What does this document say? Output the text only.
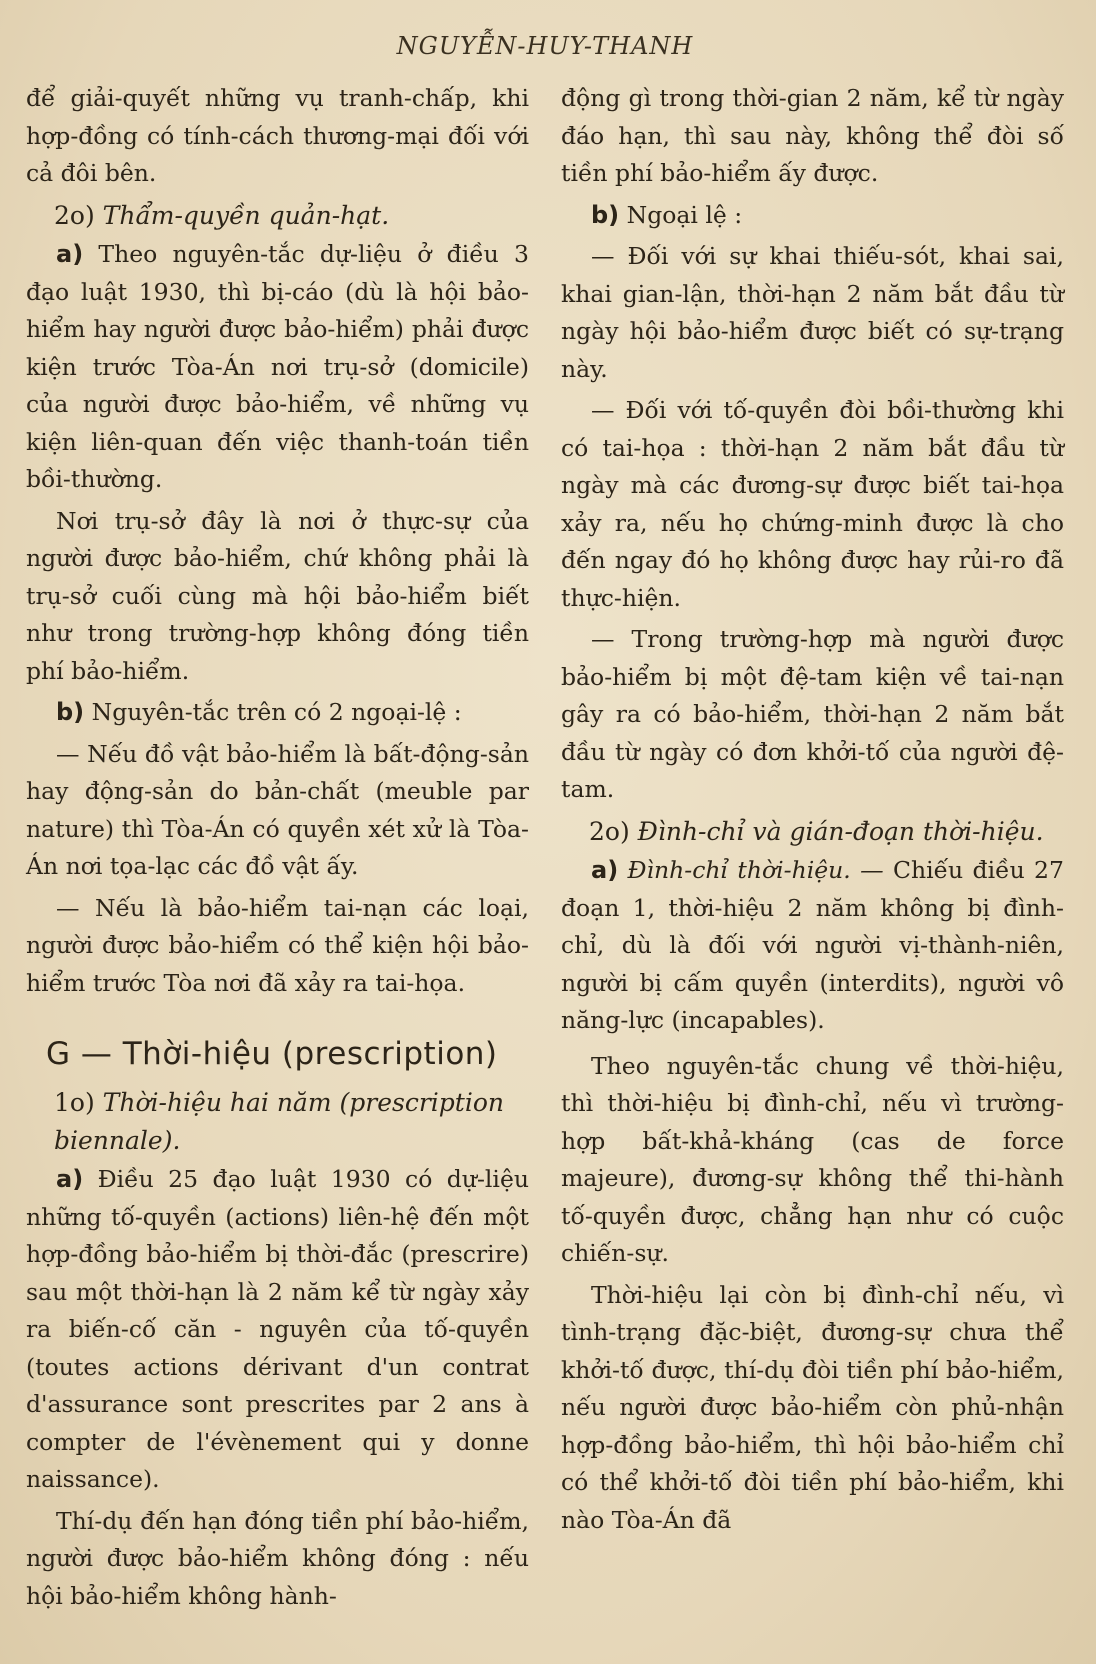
NGUYỄN-HUY-THANH

để giải-quyết những vụ tranh-chấp, khi hợp-đồng có tính-cách thương-mại đối với cả đôi bên.

2o) Thẩm-quyền quản-hạt.

a) Theo nguyên-tắc dự-liệu ở điều 3 đạo luật 1930, thì bị-cáo (dù là hội bảo-hiểm hay người được bảo-hiểm) phải được kiện trước Tòa-Án nơi trụ-sở (domicile) của người được bảo-hiểm, về những vụ kiện liên-quan đến việc thanh-toán tiền bồi-thường.

Nơi trụ-sở đây là nơi ở thực-sự của người được bảo-hiểm, chứ không phải là trụ-sở cuối cùng mà hội bảo-hiểm biết như trong trường-hợp không đóng tiền phí bảo-hiểm.

b) Nguyên-tắc trên có 2 ngoại-lệ :

— Nếu đồ vật bảo-hiểm là bất-động-sản hay động-sản do bản-chất (meuble par nature) thì Tòa-Án có quyền xét xử là Tòa-Án nơi tọa-lạc các đồ vật ấy.

— Nếu là bảo-hiểm tai-nạn các loại, người được bảo-hiểm có thể kiện hội bảo-hiểm trước Tòa nơi đã xảy ra tai-họa.

G — Thời-hiệu (prescription)
1o) Thời-hiệu hai năm (prescription biennale).

a) Điều 25 đạo luật 1930 có dự-liệu những tố-quyền (actions) liên-hệ đến một hợp-đồng bảo-hiểm bị thời-đắc (prescrire) sau một thời-hạn là 2 năm kể từ ngày xảy ra biến-cố căn - nguyên của tố-quyền (toutes actions dérivant d'un contrat d'assurance sont prescrites par 2 ans à compter de l'évènement qui y donne naissance).

Thí-dụ đến hạn đóng tiền phí bảo-hiểm, người được bảo-hiểm không đóng : nếu hội bảo-hiểm không hành-

động gì trong thời-gian 2 năm, kể từ ngày đáo hạn, thì sau này, không thể đòi số tiền phí bảo-hiểm ấy được.

b) Ngoại lệ :

— Đối với sự khai thiếu-sót, khai sai, khai gian-lận, thời-hạn 2 năm bắt đầu từ ngày hội bảo-hiểm được biết có sự-trạng này.

— Đối với tố-quyền đòi bồi-thường khi có tai-họa : thời-hạn 2 năm bắt đầu từ ngày mà các đương-sự được biết tai-họa xảy ra, nếu họ chứng-minh được là cho đến ngay đó họ không được hay rủi-ro đã thực-hiện.

— Trong trường-hợp mà người được bảo-hiểm bị một đệ-tam kiện về tai-nạn gây ra có bảo-hiểm, thời-hạn 2 năm bắt đầu từ ngày có đơn khởi-tố của người đệ-tam.

2o) Đình-chỉ và gián-đoạn thời-hiệu.

a) Đình-chỉ thời-hiệu. — Chiếu điều 27 đoạn 1, thời-hiệu 2 năm không bị đình-chỉ, dù là đối với người vị-thành-niên, người bị cấm quyền (interdits), người vô năng-lực (incapables).

Theo nguyên-tắc chung về thời-hiệu, thì thời-hiệu bị đình-chỉ, nếu vì trường-hợp bất-khả-kháng (cas de force majeure), đương-sự không thể thi-hành tố-quyền được, chẳng hạn như có cuộc chiến-sự.

Thời-hiệu lại còn bị đình-chỉ nếu, vì tình-trạng đặc-biệt, đương-sự chưa thể khởi-tố được, thí-dụ đòi tiền phí bảo-hiểm, nếu người được bảo-hiểm còn phủ-nhận hợp-đồng bảo-hiểm, thì hội bảo-hiểm chỉ có thể khởi-tố đòi tiền phí bảo-hiểm, khi nào Tòa-Án đã
